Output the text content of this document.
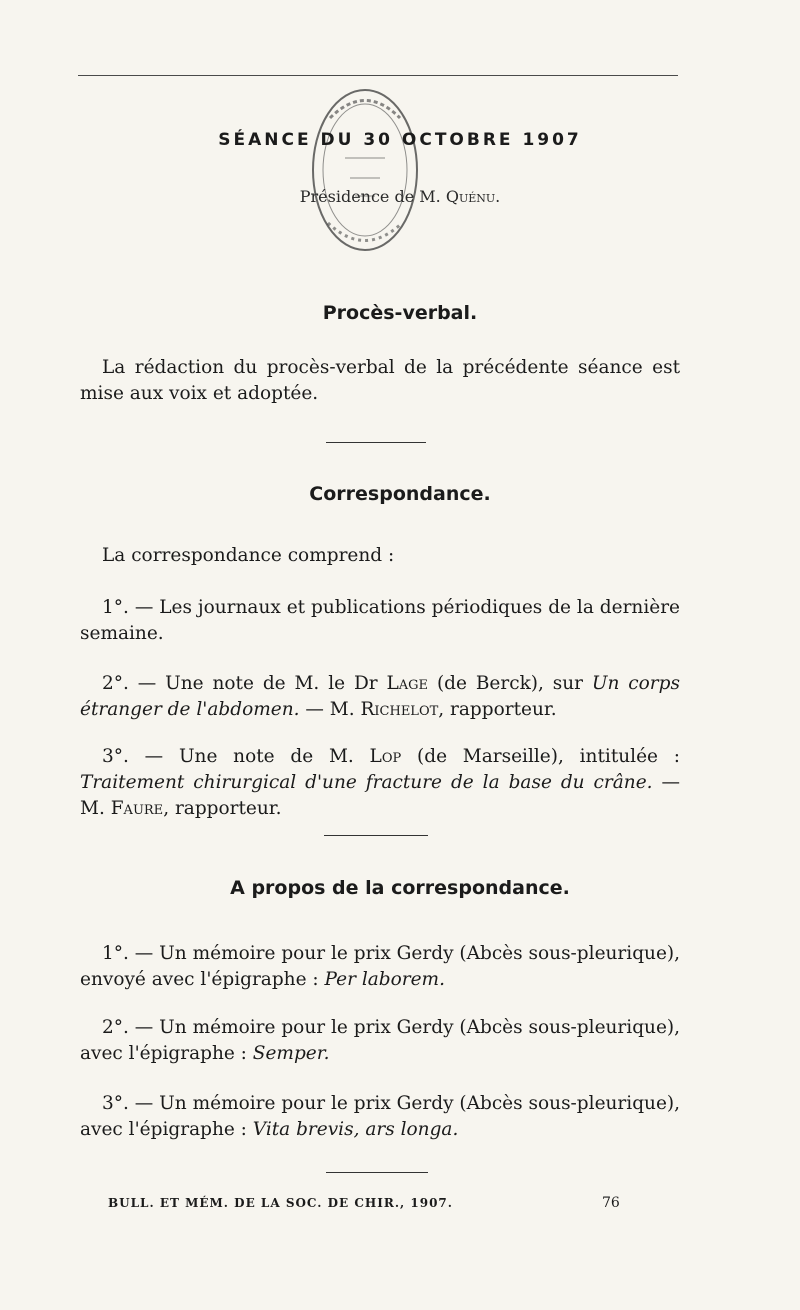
SÉANCE DU 30 OCTOBRE 1907
Présidence de M. Quénu.
Procès-verbal.
La rédaction du procès-verbal de la précédente séance est mise aux voix et adoptée.
Correspondance.
La correspondance comprend :
1°. — Les journaux et publications périodiques de la dernière semaine.
2°. — Une note de M. le Dr Lage (de Berck), sur Un corps étranger de l'abdomen. — M. Richelot, rapporteur.
3°. — Une note de M. Lop (de Marseille), intitulée : Traitement chirurgical d'une fracture de la base du crâne. — M. Faure, rapporteur.
A propos de la correspondance.
1°. — Un mémoire pour le prix Gerdy (Abcès sous-pleurique), envoyé avec l'épigraphe : Per laborem.
2°. — Un mémoire pour le prix Gerdy (Abcès sous-pleurique), avec l'épigraphe : Semper.
3°. — Un mémoire pour le prix Gerdy (Abcès sous-pleurique), avec l'épigraphe : Vita brevis, ars longa.
BULL. ET MÉM. DE LA SOC. DE CHIR., 1907.	76
